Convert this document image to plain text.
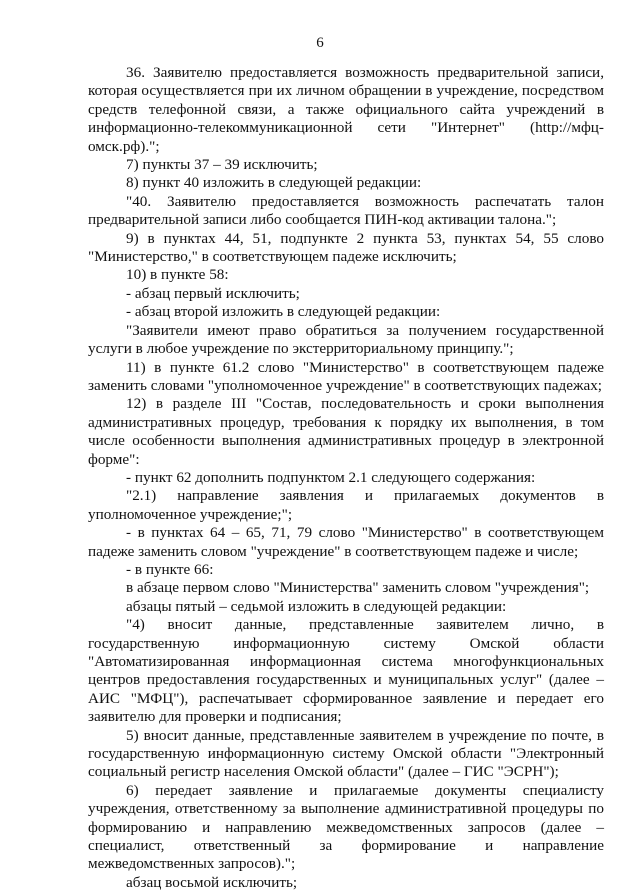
6

36. Заявителю предоставляется возможность предварительной записи, которая осуществляется при их личном обращении в учреждение, посредством средств телефонной связи, а также официального сайта учреждений в информационно-телекоммуникационной сети "Интернет" (http://мфц-омск.рф).";

7) пункты 37 – 39 исключить;

8) пункт 40 изложить в следующей редакции:

"40. Заявителю предоставляется возможность распечатать талон предварительной записи либо сообщается ПИН-код активации талона.";

9) в пунктах 44, 51, подпункте 2 пункта 53, пунктах 54, 55 слово "Министерство," в соответствующем падеже исключить;

10) в пункте 58:

- абзац первый исключить;

- абзац второй изложить в следующей редакции:

"Заявители имеют право обратиться за получением государственной услуги в любое учреждение по экстерриториальному принципу.";

11) в пункте 61.2 слово "Министерство" в соответствующем падеже заменить словами "уполномоченное учреждение" в соответствующих падежах;

12) в разделе III "Состав, последовательность и сроки выполнения административных процедур, требования к порядку их выполнения, в том числе особенности выполнения административных процедур в электронной форме":

- пункт 62 дополнить подпунктом 2.1 следующего содержания:

"2.1) направление заявления и прилагаемых документов в уполномоченное учреждение;";

- в пунктах 64 – 65, 71, 79 слово "Министерство" в соответствующем падеже заменить словом "учреждение" в соответствующем падеже и числе;

- в пункте 66:

в абзаце первом слово "Министерства" заменить словом "учреждения";

абзацы пятый – седьмой изложить в следующей редакции:

"4) вносит данные, представленные заявителем лично, в государственную информационную систему Омской области "Автоматизированная информационная система многофункциональных центров предоставления государственных и муниципальных услуг" (далее – АИС "МФЦ"), распечатывает сформированное заявление и передает его заявителю для проверки и подписания;

5) вносит данные, представленные заявителем в учреждение по почте, в государственную информационную систему Омской области "Электронный социальный регистр населения Омской области" (далее – ГИС "ЭСРН");

6) передает заявление и прилагаемые документы специалисту учреждения, ответственному за выполнение административной процедуры по формированию и направлению межведомственных запросов (далее – специалист, ответственный за формирование и направление межведомственных запросов).";

абзац восьмой исключить;
